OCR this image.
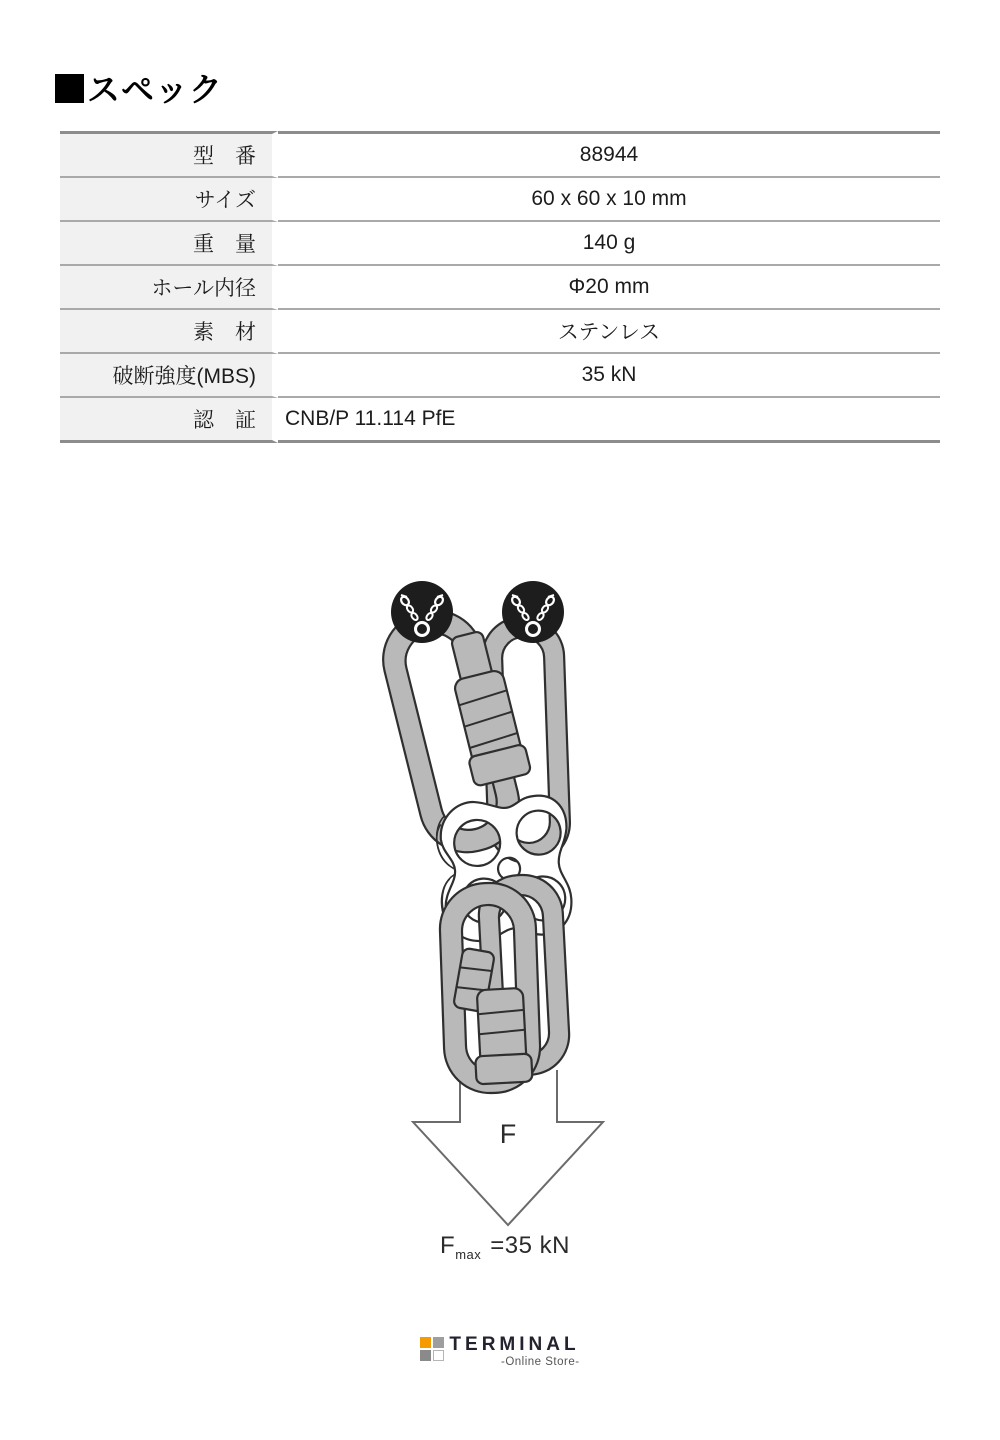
スペック
型　番	88944
サイズ	60 x 60 x 10 mm
重　量	140 g
ホール内径	Φ20 mm
素　材	ステンレス
破断強度(MBS)	35 kN
認　証	CNB/P 11.114 PfE
F
$F_{max} =35$ kN
TERMINAL
-Online Store-
